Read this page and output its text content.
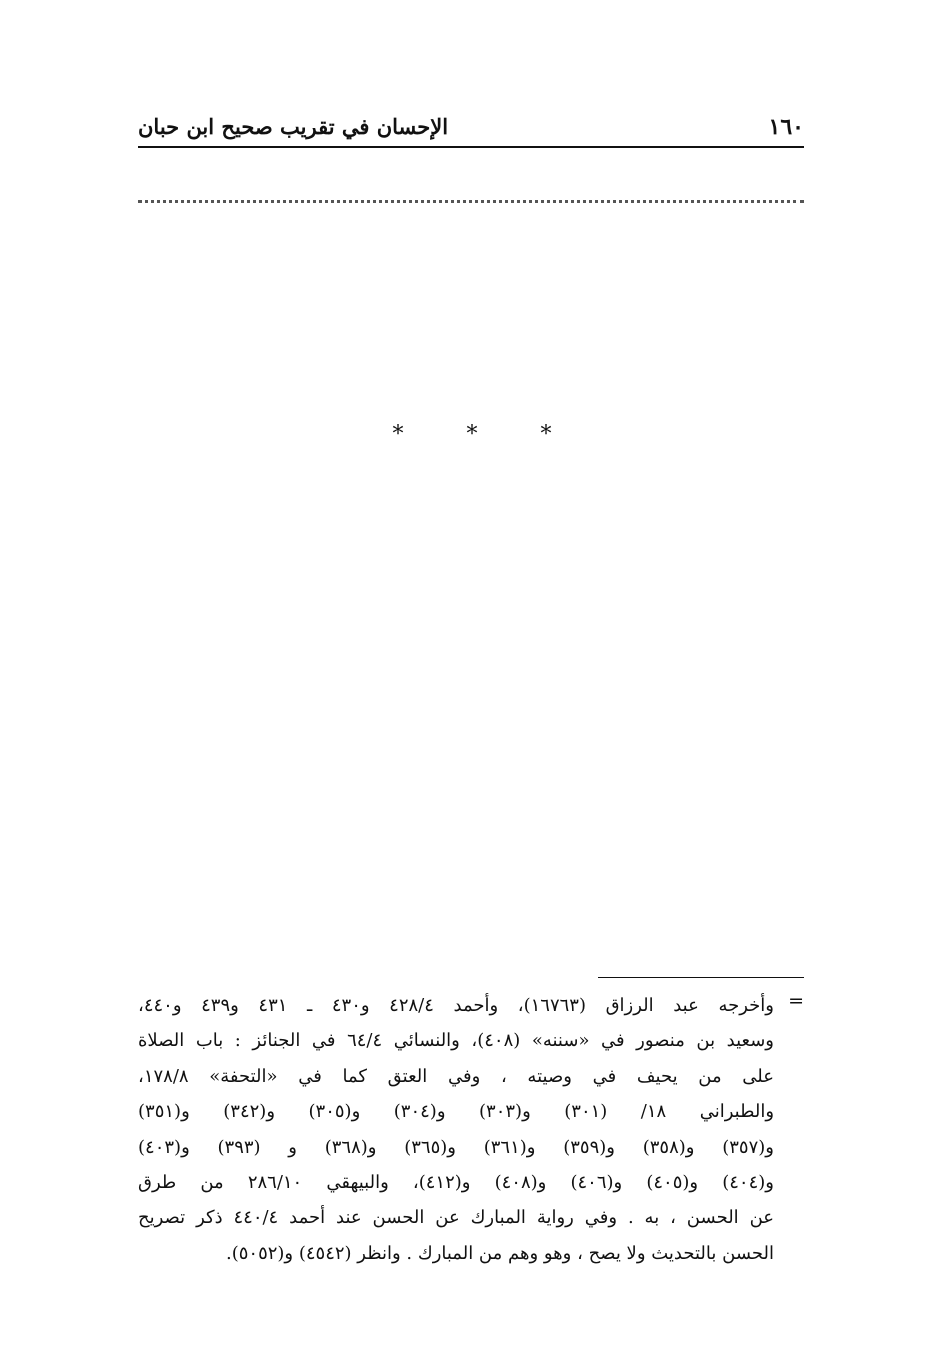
١٦٠
الإحسان في تقريب صحيح ابن حبان
* * *
=
وأخرجه عبد الرزاق (١٦٧٦٣)، وأحمد ٤٢٨/٤ و٤٣٠ ـ ٤٣١ و٤٣٩ و٤٤٠،
وسعيد بن منصور في «سننه» (٤٠٨)، والنسائي ٦٤/٤ في الجنائز : باب الصلاة
على من يحيف في وصيته ، وفي العتق كما في «التحفة» ١٧٨/٨،
والطبراني ١٨/ (٣٠١) و(٣٠٣) و(٣٠٤) و(٣٠٥) و(٣٤٢) و(٣٥١)
و(٣٥٧) و(٣٥٨) و(٣٥٩) و(٣٦١) و(٣٦٥) و(٣٦٨) و (٣٩٣) و(٤٠٣)
و(٤٠٤) و(٤٠٥) و(٤٠٦) و(٤٠٨) و(٤١٢)، والبيهقي ٢٨٦/١٠ من طرق
عن الحسن ، به . وفي رواية المبارك عن الحسن عند أحمد ٤٤٠/٤ ذكر تصريح
الحسن بالتحديث ولا يصح ، وهو وهم من المبارك . وانظر (٤٥٤٢) و(٥٠٥٢).
